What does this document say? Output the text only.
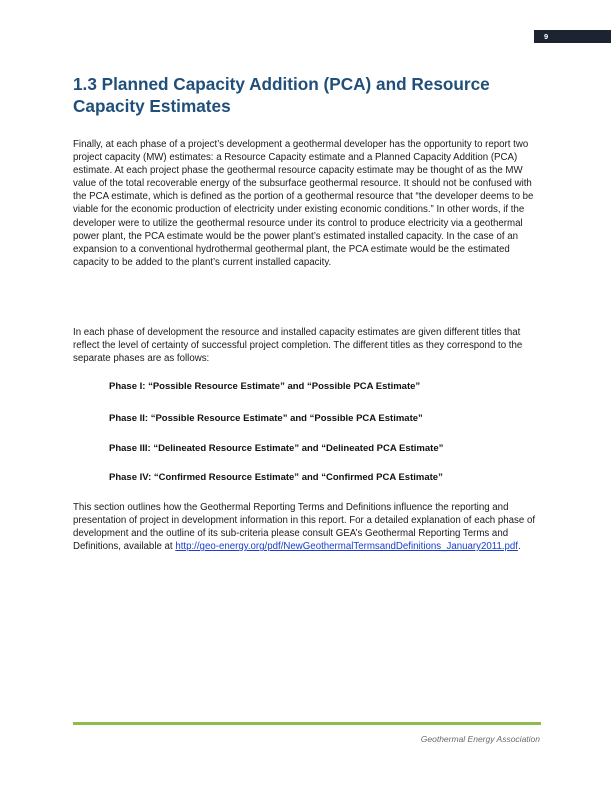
9
1.3 Planned Capacity Addition (PCA) and Resource Capacity Estimates

Finally, at each phase of a project’s development a geothermal developer has the opportunity to report two project capacity (MW) estimates: a Resource Capacity estimate and a Planned Capacity Addition (PCA) estimate. At each project phase the geothermal resource capacity estimate may be thought of as the MW value of the total recoverable energy of the subsurface geothermal resource. It should not be confused with the PCA estimate, which is defined as the portion of a geothermal resource that “the developer deems to be viable for the economic production of electricity under existing economic conditions.” In other words, if the developer were to utilize the geothermal resource under its control to produce electricity via a geothermal power plant, the PCA estimate would be the power plant’s estimated installed capacity. In the case of an expansion to a conventional hydrothermal geothermal plant, the PCA estimate would be the estimated capacity to be added to the plant’s current installed capacity.

In each phase of development the resource and installed capacity estimates are given different titles that reflect the level of certainty of successful project completion. The different titles as they correspond to the separate phases are as follows:

Phase I: “Possible Resource Estimate” and “Possible PCA Estimate”

Phase II: “Possible Resource Estimate” and “Possible PCA Estimate”

Phase III: “Delineated Resource Estimate” and “Delineated PCA Estimate”

Phase IV: “Confirmed Resource Estimate” and “Confirmed PCA Estimate”

This section outlines how the Geothermal Reporting Terms and Definitions influence the reporting and presentation of project in development information in this report. For a detailed explanation of each phase of development and the outline of its sub-criteria please consult GEA’s Geothermal Reporting Terms and Definitions, available at http://geo-energy.org/pdf/NewGeothermalTermsandDefinitions_January2011.pdf.

Geothermal Energy Association
